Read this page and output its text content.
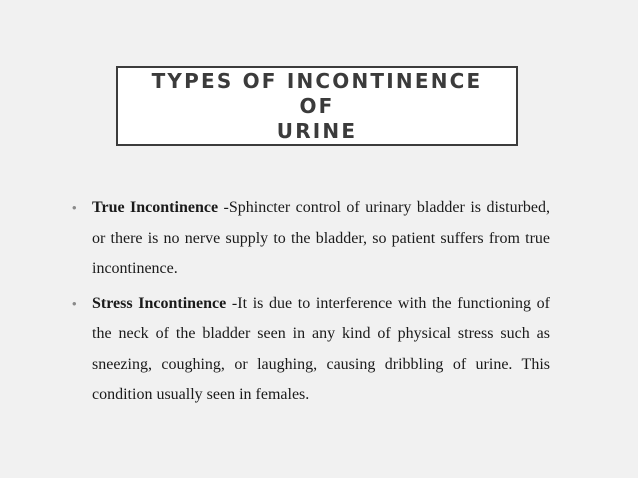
TYPES OF INCONTINENCE OF
URINE
• True Incontinence -Sphincter control of urinary bladder is disturbed, or there is no nerve supply to the bladder, so patient suffers from true incontinence.
• Stress Incontinence -It is due to interference with the functioning of the neck of the bladder seen in any kind of physical stress such as sneezing, coughing, or laughing, causing dribbling of urine. This condition usually seen in females.
